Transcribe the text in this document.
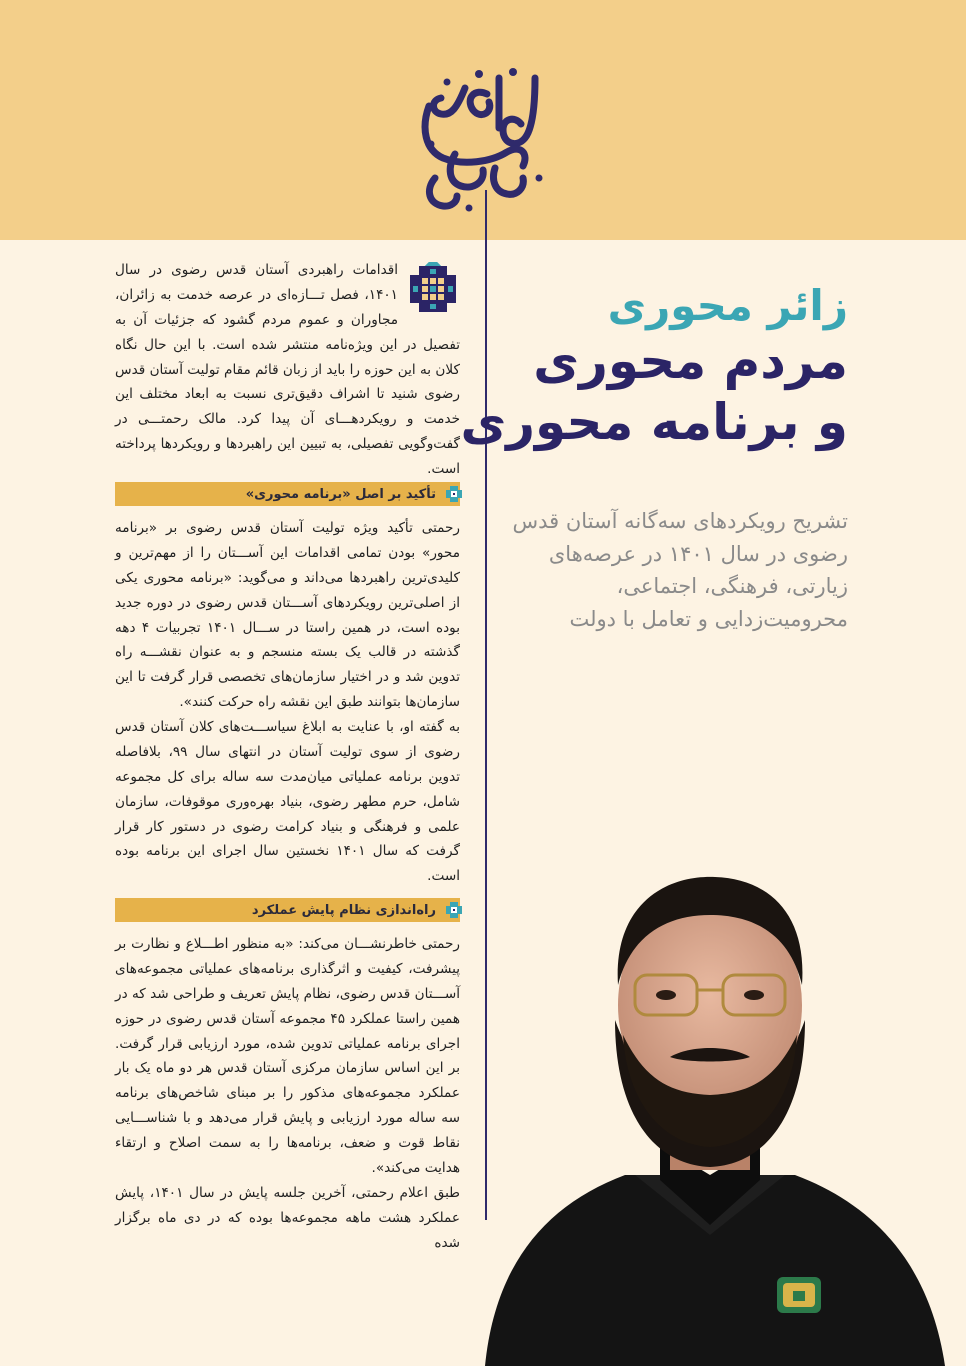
زائر محوری
مردم محوری
و برنامه محوری
تشریح رویکردهای سه‌گانه آستان قدس رضوی در سال ۱۴۰۱ در عرصه‌های زیارتی، فرهنگی، اجتماعی، محرومیت‌زدایی و تعامل با دولت

اقدامات راهبردی آستان قدس رضوی در سال ۱۴۰۱، فصل تـــازه‌ای در عرصه خدمت به زائران، مجاوران و عموم مردم گشود که جزئیات آن به تفصیل در این ویژه‌نامه منتشر شده است. با این حال نگاه کلان به این حوزه را باید از زبان قائم مقام تولیت آستان قدس رضوی شنید تا اشراف دقیق‌تری نسبت به ابعاد مختلف این خدمت و رویکردهـــای آن پیدا کرد. مالک رحمتـــی در گفت‌وگویی تفصیلی، به تبیین این راهبردها و رویکردها پرداخته است.

تأکید بر اصل «برنامه محوری»

رحمتی تأکید ویژه تولیت آستان قدس رضوی بر «برنامه محور» بودن تمامی اقدامات این آســـتان را از مهم‌ترین و کلیدی‌ترین راهبردها می‌داند و می‌گوید: «برنامه محوری یکی از اصلی‌ترین رویکردهای آســـتان قدس رضوی در دوره جدید بوده است، در همین راستا در ســـال ۱۴۰۱ تجربیات ۴ دهه گذشته در قالب یک بسته منسجم و به عنوان نقشـــه راه تدوین شد و در اختیار سازمان‌های تخصصی قرار گرفت تا این سازمان‌ها بتوانند طبق این نقشه راه حرکت کنند».

به گفته او، با عنایت به ابلاغ سیاســـت‌های کلان آستان قدس رضوی از سوی تولیت آستان در انتهای سال ۹۹، بلافاصله تدوین برنامه عملیاتی میان‌مدت سه ساله برای کل مجموعه شامل، حرم مطهر رضوی، بنیاد بهره‌وری موقوفات، سازمان علمی و فرهنگی و بنیاد کرامت رضوی در دستور کار قرار گرفت که سال ۱۴۰۱ نخستین سال اجرای این برنامه بوده است.

راه‌اندازی نظام پایش عملکرد

رحمتی خاطرنشـــان می‌کند: «به منظور اطـــلاع و نظارت بر پیشرفت، کیفیت و اثرگذاری برنامه‌های عملیاتی مجموعه‌های آســـتان قدس رضوی، نظام پایش تعریف و طراحی شد که در همین راستا عملکرد ۴۵ مجموعه آستان قدس رضوی در حوزه اجرای برنامه عملیاتی تدوین شده، مورد ارزیابی قرار گرفت. بر این اساس سازمان مرکزی آستان قدس هر دو ماه یک بار عملکرد مجموعه‌های مذکور را بر مبنای شاخص‌های برنامه سه ساله مورد ارزیابی و پایش قرار می‌دهد و با شناســـایی نقاط قوت و ضعف، برنامه‌ها را به سمت اصلاح و ارتقاء هدایت می‌کند».

طبق اعلام رحمتی، آخرین جلسه پایش در سال ۱۴۰۱، پایش عملکرد هشت ماهه مجموعه‌ها بوده که در دی ماه برگزار شده
